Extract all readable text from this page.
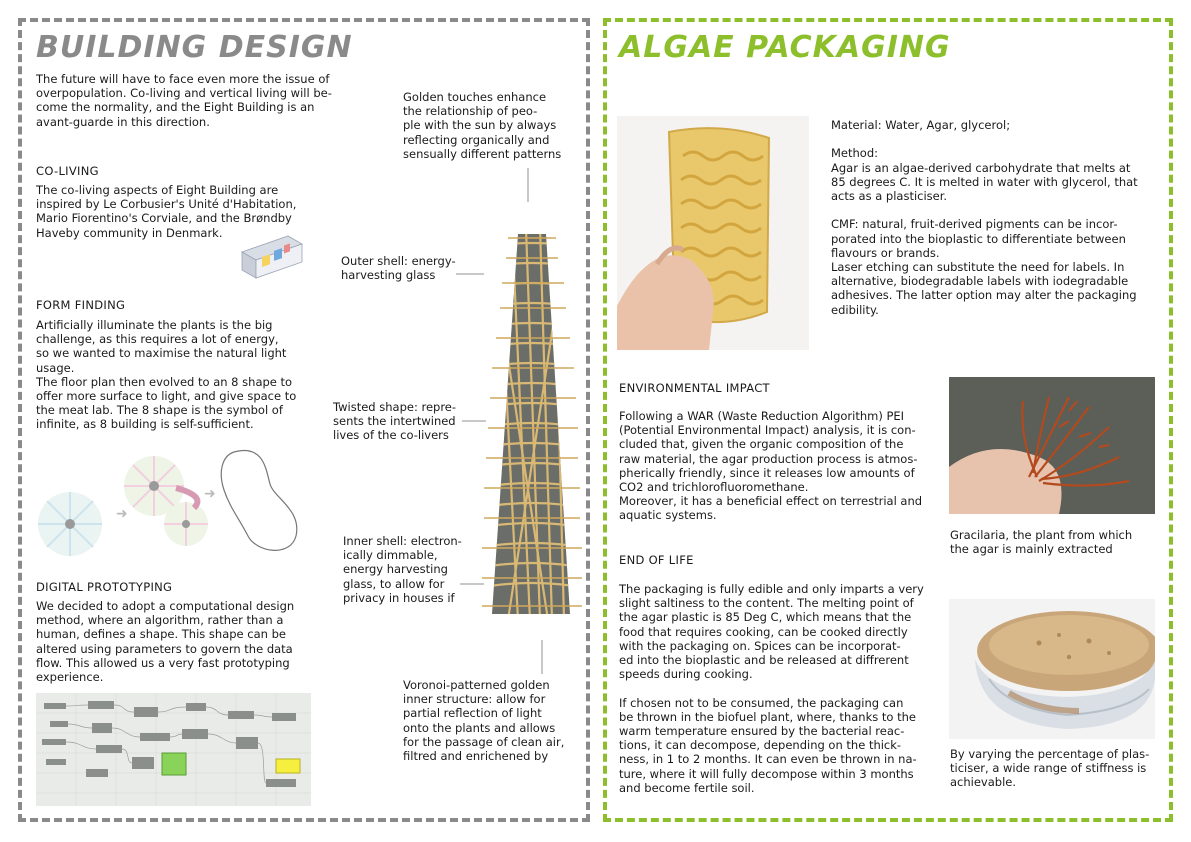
BUILDING DESIGN

The future will have to face even more the issue of
overpopulation. Co-living and vertical living will be-
come the normality, and the Eight Building is an
avant-guarde in this direction.

CO-LIVING

The co-living aspects of Eight Building are
inspired by Le Corbusier's Unité d'Habitation,
Mario Fiorentino's Corviale, and the Brøndby
Haveby community in Denmark.

FORM FINDING

Artificially illuminate the plants is the big
challenge, as this requires a lot of energy,
so we wanted to maximise the natural light
usage.
The floor plan then evolved to an 8 shape to
offer more surface to light, and give space to
the meat lab. The 8 shape is the symbol of
infinite, as 8 building is self-sufficient.

➜
➜

DIGITAL PROTOTYPING

We decided to adopt a computational design
method, where an algorithm, rather than a
human, defines a shape. This shape can be
altered using parameters to govern the data
flow. This allowed us a very fast prototyping
experience.

Golden touches enhance
the relationship of peo-
ple with the sun by always
reflecting organically and
sensually different patterns

Outer shell: energy-
harvesting glass

Twisted shape: repre-
sents the intertwined
lives of the co-livers

Inner shell: electron-
ically dimmable,
energy harvesting
glass, to allow for
privacy in houses if

Voronoi-patterned golden
inner structure: allow for
partial reflection of light
onto the plants and allows
for the passage of clean air,
filtred and enrichened by

ALGAE PACKAGING

Material: Water, Agar, glycerol;

Method:
Agar is an algae-derived carbohydrate that melts at
85 degrees C. It is melted in water with glycerol, that
acts as a plasticiser.

CMF: natural, fruit-derived pigments can be incor-
porated into the bioplastic to differentiate between
flavours or brands.
Laser etching can substitute the need for labels. In
alternative, biodegradable labels with iodegradable
adhesives. The latter option may alter the packaging
edibility.

ENVIRONMENTAL IMPACT

Following a WAR (Waste Reduction Algorithm) PEI
(Potential Environmental Impact) analysis, it is con-
cluded that, given the organic composition of the
raw material, the agar production process is atmos-
pherically friendly, since it releases low amounts of
CO2 and trichlorofluoromethane.
Moreover, it has a beneficial effect on terrestrial and
aquatic systems.

Gracilaria, the plant from which
the agar is mainly extracted

END OF LIFE

The packaging is fully edible and only imparts a very
slight saltiness to the content. The melting point of
the agar plastic is 85 Deg C, which means that the
food that requires cooking, can be cooked directly
with the packaging on. Spices can be incorporat-
ed into the bioplastic and be released at diffrerent
speeds during cooking.

If chosen not to be consumed, the packaging can
be thrown in the biofuel plant, where, thanks to the
warm temperature ensured by the bacterial reac-
tions, it can decompose, depending on the thick-
ness, in 1 to 2 months. It can even be thrown in na-
ture, where it will fully decompose within 3 months
and become fertile soil.

By varying the percentage of plas-
ticiser, a wide range of stiffness is
achievable.
